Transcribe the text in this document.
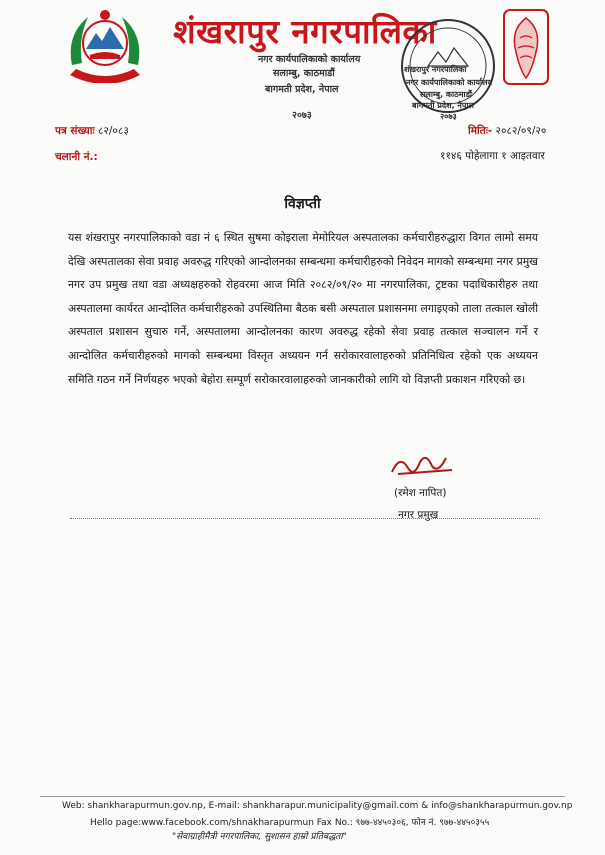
शंखरापुर नगरपालिका
नगर कार्यपालिकाको कार्यालय
सलाम्बु, काठमाडौं
बागमती प्रदेश, नेपाल
२०७३
शंखरापुर नगरपालिका
नगर कार्यपालिकाको कार्यालय
सलाम्बु, काठमाडौं
बागमती प्रदेश, नेपाल
२०७३
पत्र संख्याः ८२/०८३
चलानी नं.:
मितिः- २०८२/०९/२०
११४६ पोहेलागा १ आइतवार
विज्ञप्ती
यस शंखरापुर नगरपालिकाको वडा नं ६ स्थित सुषमा कोइराला मेमोरियल अस्पतालका कर्मचारीहरुद्धारा विगत लामो समय देखि अस्पतालका सेवा प्रवाह अवरुद्ध गरिएको आन्दोलनका सम्बन्धमा कर्मचारीहरुको निवेदन मागको सम्बन्धमा नगर प्रमुख नगर उप प्रमुख तथा वडा अध्यक्षहरुको रोहवरमा आज मिति २०८२/०९/२० मा नगरपालिका, ट्रष्टका पदाधिकारीहरु तथा अस्पतालमा कार्यरत आन्दोलित कर्मचारीहरुको उपस्थितिमा बैठक बसी अस्पताल प्रशासनमा लगाइएको ताला तत्काल खोली अस्पताल प्रशासन सुचारु गर्ने, अस्पतालमा आन्दोलनका कारण अवरुद्ध रहेको सेवा प्रवाह तत्काल सञ्चालन गर्ने र आन्दोलित कर्मचारीहरुको मागको सम्बन्धमा विस्तृत अध्ययन गर्न सरोकारवालाहरुको प्रतिनिधित्व रहेको एक अध्ययन समिति गठन गर्ने निर्णयहरु भएको बेहोरा सम्पूर्ण सरोकारवालाहरुको जानकारीको लागि यो विज्ञप्ती प्रकाशन गरिएको छ।
(रमेश नापित)
नगर प्रमुख
Web: shankharapurmun.gov.np, E-mail: shankharapur.municipality@gmail.com & info@shankharapurmun.gov.np
Hello page:www.facebook.com/shnakharapurmun Fax No.: ९७७-४४५०३०६, फोन नं. ९७७-४४५०३५५
"सेवाग्राहीमैत्री नगरपालिका, सुशासन हाम्रो प्रतिबद्धता"
